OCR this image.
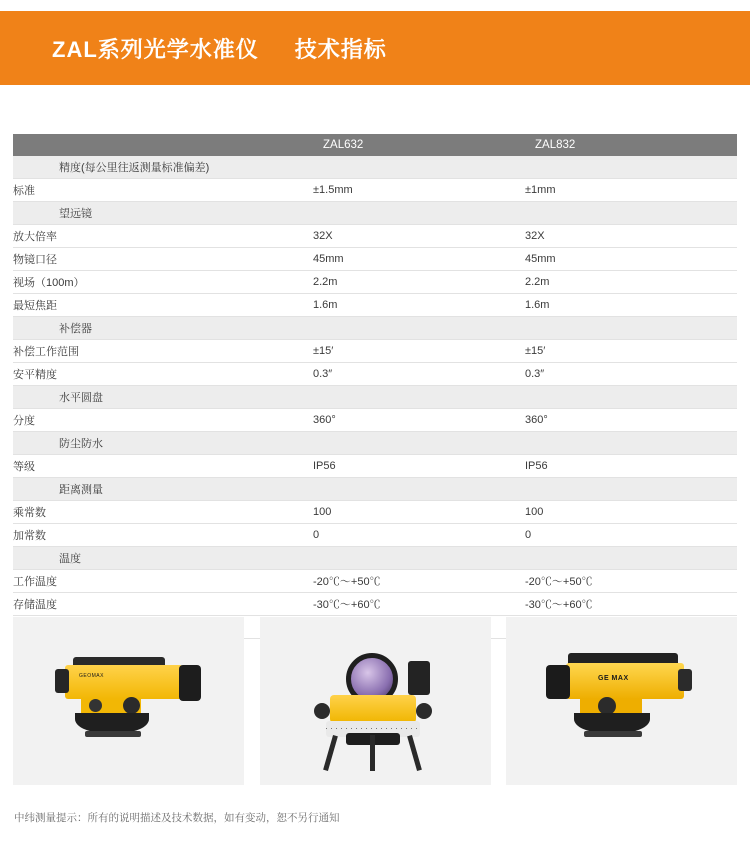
ZAL系列光学水准仪 技术指标
	ZAL632	ZAL832
精度(每公里往返测量标准偏差)		
标准	±1.5mm	±1mm
望远镜		
放大倍率	32X	32X
物镜口径	45mm	45mm
视场（100m）	2.2m	2.2m
最短焦距	1.6m	1.6m
补偿器		
补偿工作范围	±15′	±15′
安平精度	0.3″	0.3″
水平圆盘		
分度	360°	360°
防尘防水		
等级	IP56	IP56
距离测量		
乘常数	100	100
加常数	0	0
温度		
工作温度	-20℃～+50℃	-20℃～+50℃
存储温度	-30℃～+60℃	-30℃～+60℃

GEOMAX	GE MAX
中纬测量提示：所有的说明描述及技术数据，如有变动，恕不另行通知
